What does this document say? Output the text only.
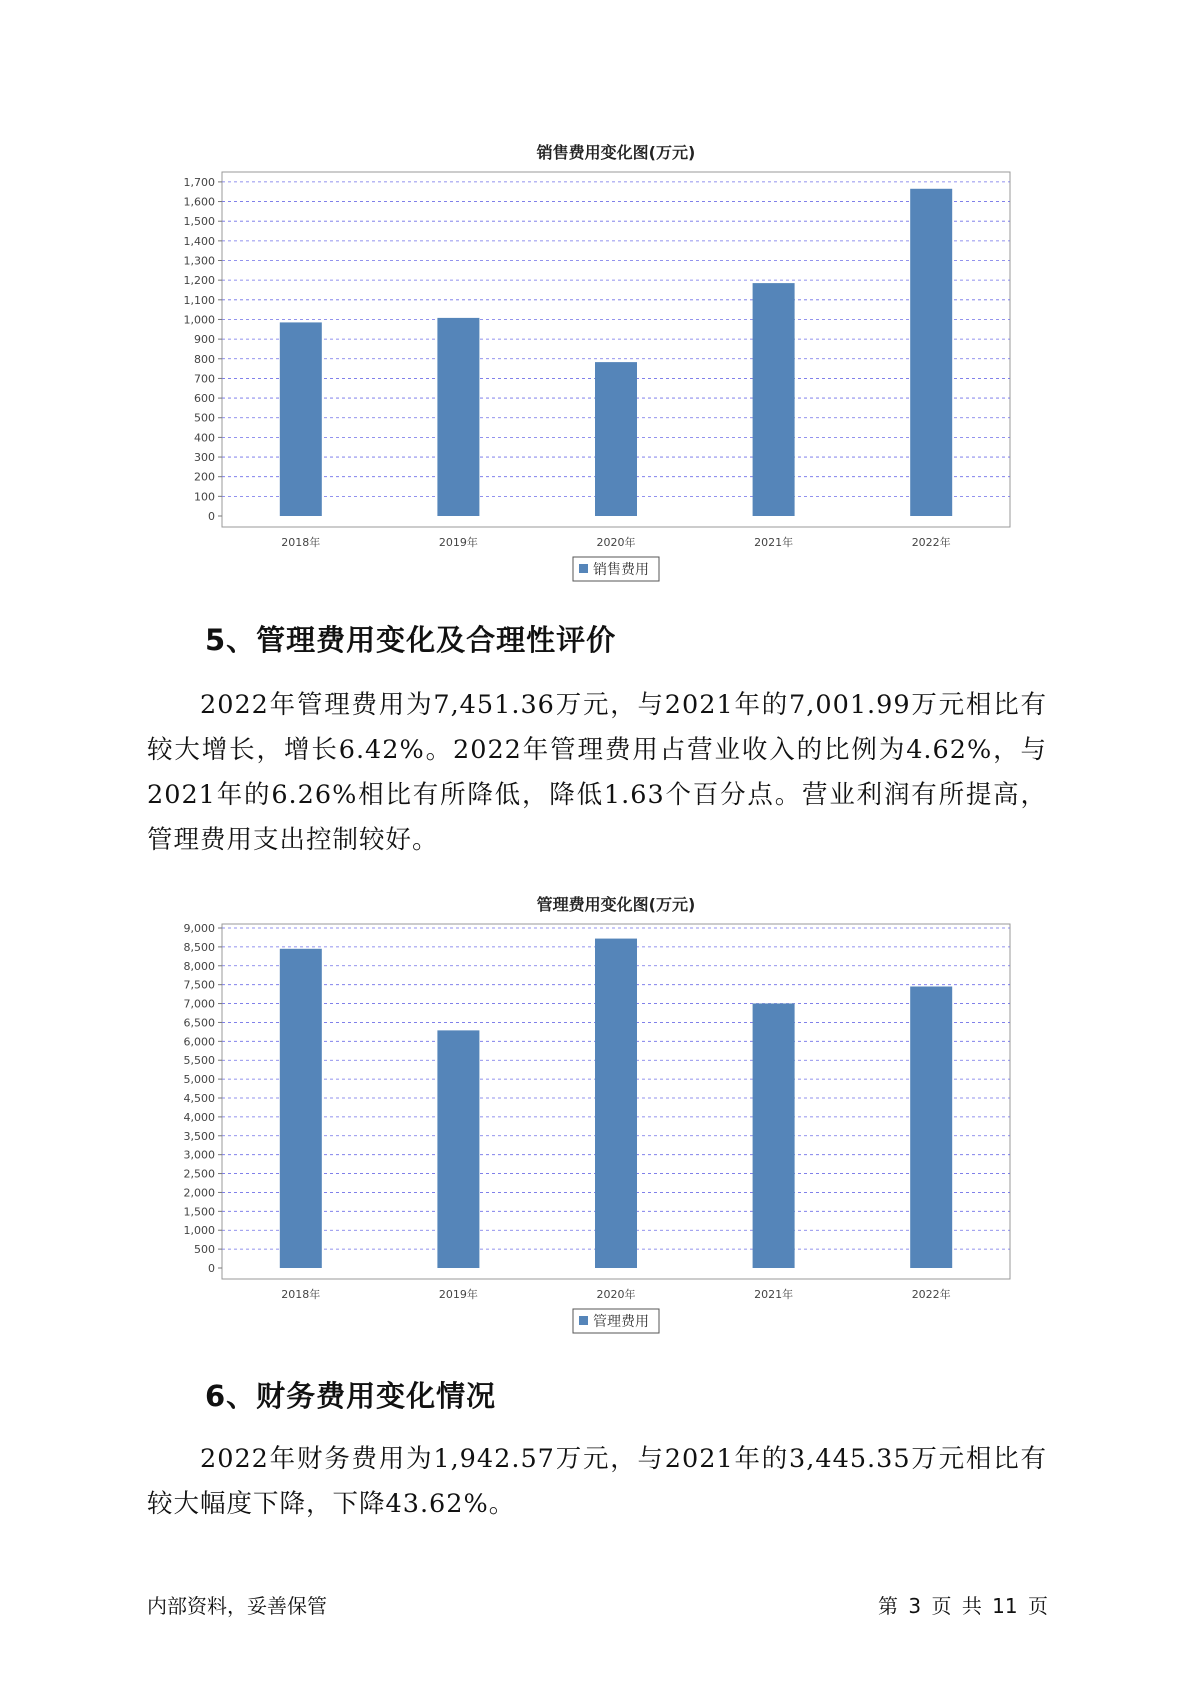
销售费用变化图(万元)
0
100
200
300
400
500
600
700
800
900
1,000
1,100
1,200
1,300
1,400
1,500
1,600
1,700
2018年	2019年	2020年	2021年	2022年
销售费用
5、管理费用变化及合理性评价

2022年管理费用为7,451.36万元，与2021年的7,001.99万元相比有较大增长，增长6.42%。2022年管理费用占营业收入的比例为4.62%，与2021年的6.26%相比有所降低，降低1.63个百分点。营业利润有所提高，管理费用支出控制较好。

管理费用变化图(万元)
0
500
1,000
1,500
2,000
2,500
3,000
3,500
4,000
4,500
5,000
5,500
6,000
6,500
7,000
7,500
8,000
8,500
9,000
2018年	2019年	2020年	2021年	2022年
管理费用
6、财务费用变化情况

2022年财务费用为1,942.57万元，与2021年的3,445.35万元相比有较大幅度下降，下降43.62%。

内部资料，妥善保管	第 3 页 共 11 页
